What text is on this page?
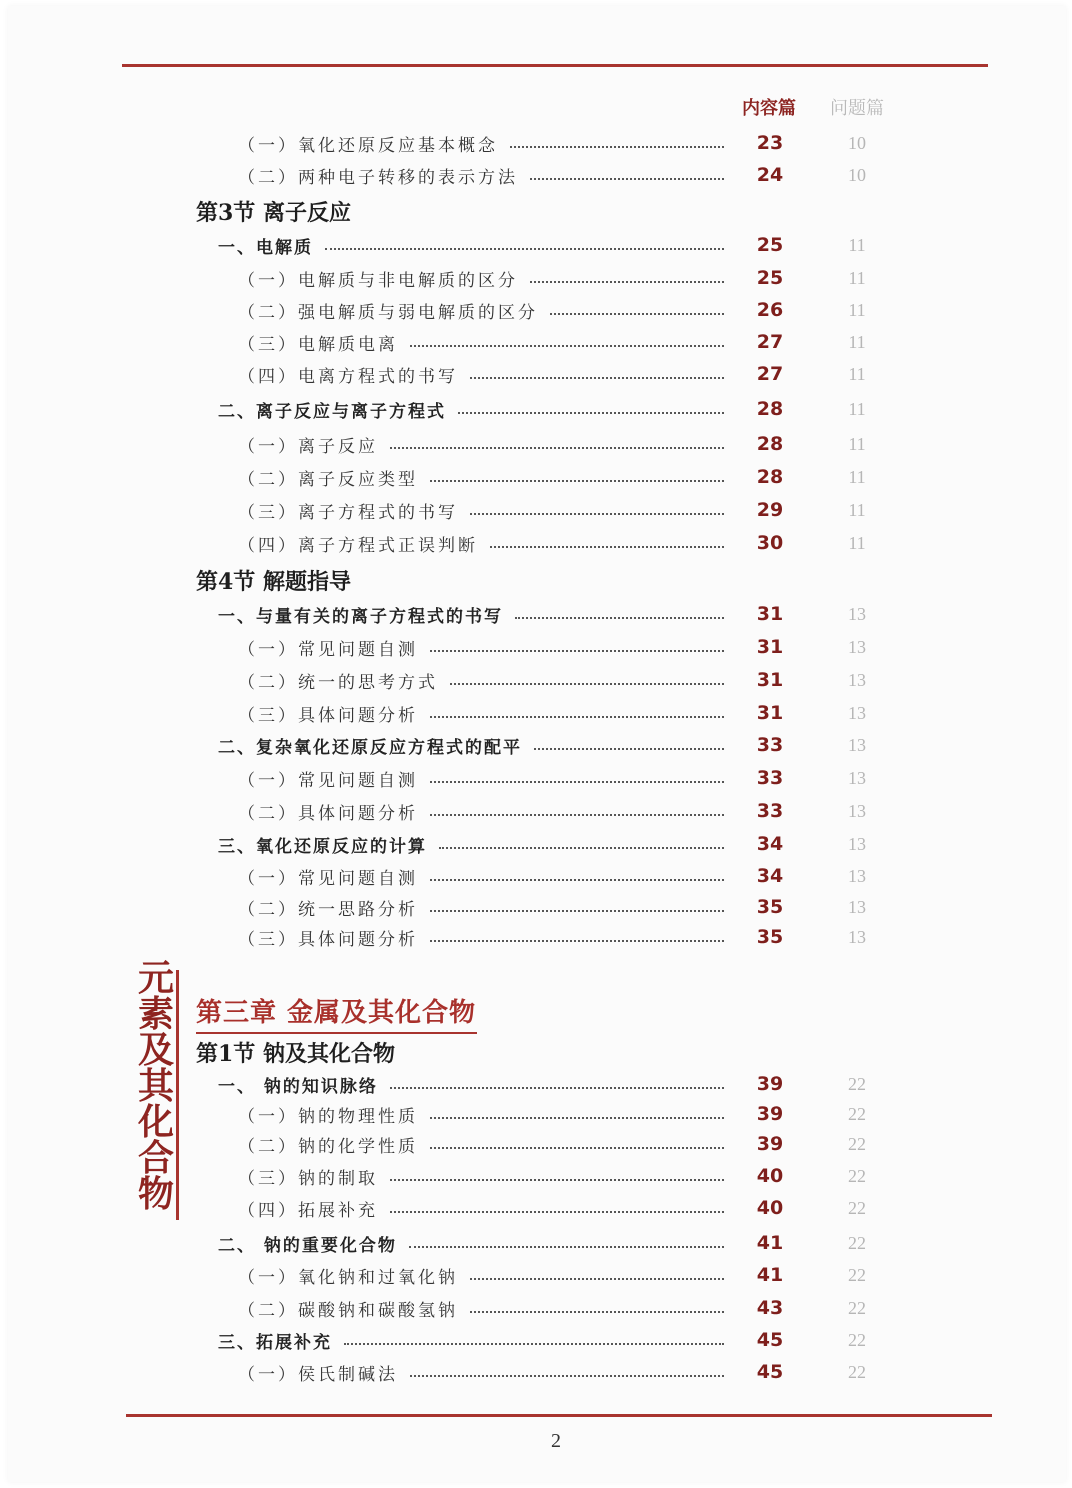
内容篇 问题篇
（一）氧化还原反应基本概念	23	10
（二）两种电子转移的表示方法	24	10
第3节 离子反应
一、电解质	25	11
（一）电解质与非电解质的区分	25	11
（二）强电解质与弱电解质的区分	26	11
（三）电解质电离	27	11
（四）电离方程式的书写	27	11
二、离子反应与离子方程式	28	11
（一）离子反应	28	11
（二）离子反应类型	28	11
（三）离子方程式的书写	29	11
（四）离子方程式正误判断	30	11
第4节 解题指导
一、与量有关的离子方程式的书写	31	13
（一）常见问题自测	31	13
（二）统一的思考方式	31	13
（三）具体问题分析	31	13
二、复杂氧化还原反应方程式的配平	33	13
（一）常见问题自测	33	13
（二）具体问题分析	33	13
三、氧化还原反应的计算	34	13
（一）常见问题自测	34	13
（二）统一思路分析	35	13
（三）具体问题分析	35	13
第1节 钠及其化合物
一、 钠的知识脉络	39	22
（一）钠的物理性质	39	22
（二）钠的化学性质	39	22
（三）钠的制取	40	22
（四）拓展补充	40	22
二、 钠的重要化合物	41	22
（一）氧化钠和过氧化钠	41	22
（二）碳酸钠和碳酸氢钠	43	22
三、拓展补充	45	22
（一）侯氏制碱法	45	22
元
素
及
其
化
合
物
第三章 金属及其化合物
2
